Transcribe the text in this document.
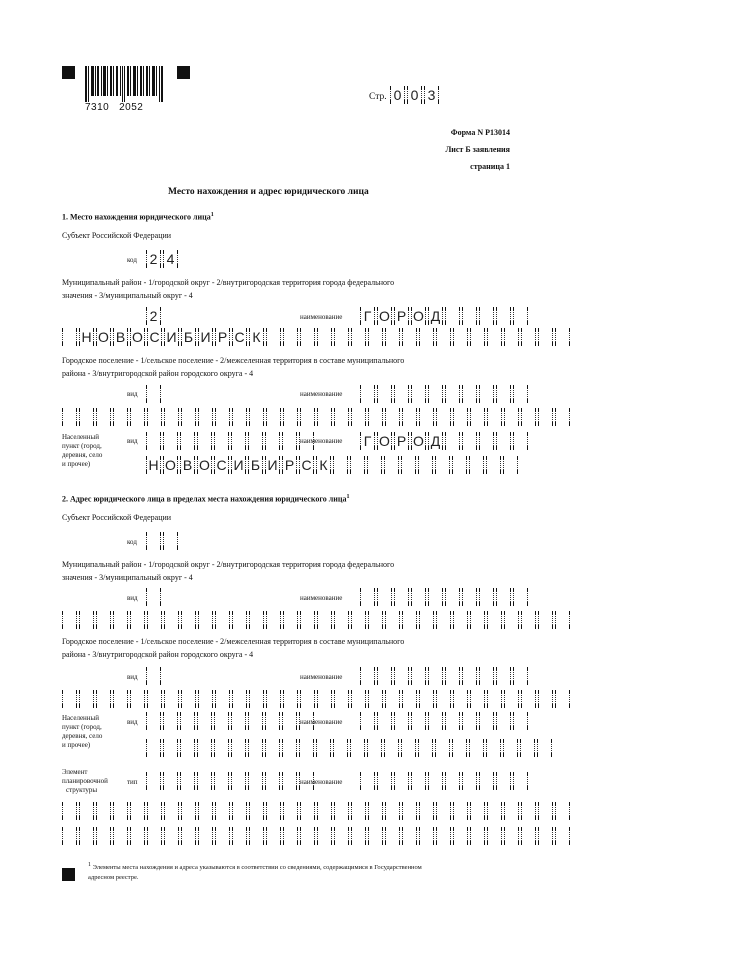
7310   2052
Стр. 0 0 3
Форма N Р13014
Лист Б заявления
страница 1
Место нахождения и адрес юридического лица
1. Место нахождения юридического лица$^1$
Субъект Российской Федерации
код 2 4
Муниципальный район - 1/городской округ - 2/внутригородская территория города федерального
значения - 3/муниципальный округ - 4
2	наименование Г О Р О Д
Н О В О С И Б И Р С К
Городское поселение - 1/сельское поселение - 2/межселенная территория в составе муниципального
района - 3/внутригородской район городского округа - 4
вид	наименование
Населенный
пункт (город,
деревня, село
и прочее)
вид	наименование Г О Р О Д
Н О В О С И Б И Р С К
2. Адрес юридического лица в пределах места нахождения юридического лица$^1$
Субъект Российской Федерации
код
Муниципальный район - 1/городской округ - 2/внутригородская территория города федерального
значения - 3/муниципальный округ - 4
вид	наименование
Городское поселение - 1/сельское поселение - 2/межселенная территория в составе муниципального
района - 3/внутригородской район городского округа - 4
вид	наименование
Населенный
пункт (город,
деревня, село
и прочее)
вид	наименование
Элемент
планировочной
структуры
тип	наименование
$^1$ Элементы места нахождения и адреса указываются в соответствии со сведениями, содержащимися в Государственном
адресном реестре.
